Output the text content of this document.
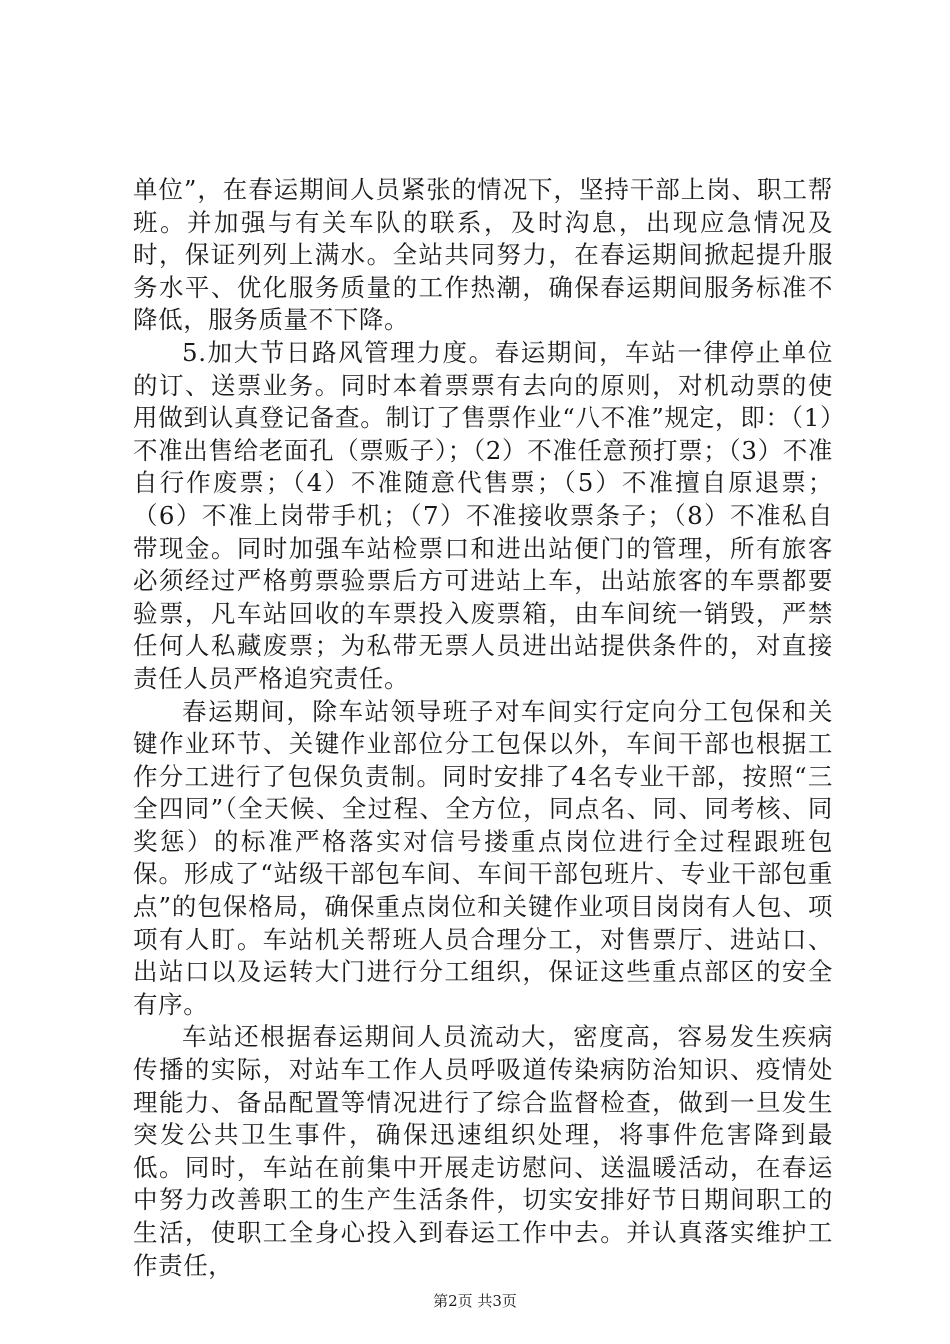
单位”，在春运期间人员紧张的情况下，坚持干部上岗、职工帮班。并加强与有关车队的联系，及时沟息，出现应急情况及时，保证列列上满水。全站共同努力，在春运期间掀起提升服务水平、优化服务质量的工作热潮，确保春运期间服务标准不降低，服务质量不下降。

5.加大节日路风管理力度。春运期间，车站一律停止单位的订、送票业务。同时本着票票有去向的原则，对机动票的使用做到认真登记备查。制订了售票作业“八不准”规定，即：（1）不准出售给老面孔（票贩子）；（2）不准任意预打票；（3）不准自行作废票；（4）不准随意代售票；（5）不准擅自原退票；（6）不准上岗带手机；（7）不准接收票条子；（8）不准私自带现金。同时加强车站检票口和进出站便门的管理，所有旅客必须经过严格剪票验票后方可进站上车，出站旅客的车票都要验票，凡车站回收的车票投入废票箱，由车间统一销毁，严禁任何人私藏废票；为私带无票人员进出站提供条件的，对直接责任人员严格追究责任。

春运期间，除车站领导班子对车间实行定向分工包保和关键作业环节、关键作业部位分工包保以外，车间干部也根据工作分工进行了包保负责制。同时安排了4名专业干部，按照“三全四同”（全天候、全过程、全方位，同点名、同、同考核、同奖惩）的标准严格落实对信号搂重点岗位进行全过程跟班包保。形成了“站级干部包车间、车间干部包班片、专业干部包重点”的包保格局，确保重点岗位和关键作业项目岗岗有人包、项项有人盯。车站机关帮班人员合理分工，对售票厅、进站口、出站口以及运转大门进行分工组织，保证这些重点部区的安全有序。

车站还根据春运期间人员流动大，密度高，容易发生疾病传播的实际，对站车工作人员呼吸道传染病防治知识、疫情处理能力、备品配置等情况进行了综合监督检查，做到一旦发生突发公共卫生事件，确保迅速组织处理，将事件危害降到最低。同时，车站在前集中开展走访慰问、送温暖活动，在春运中努力改善职工的生产生活条件，切实安排好节日期间职工的生活，使职工全身心投入到春运工作中去。并认真落实维护工作责任，

第2页 共3页
